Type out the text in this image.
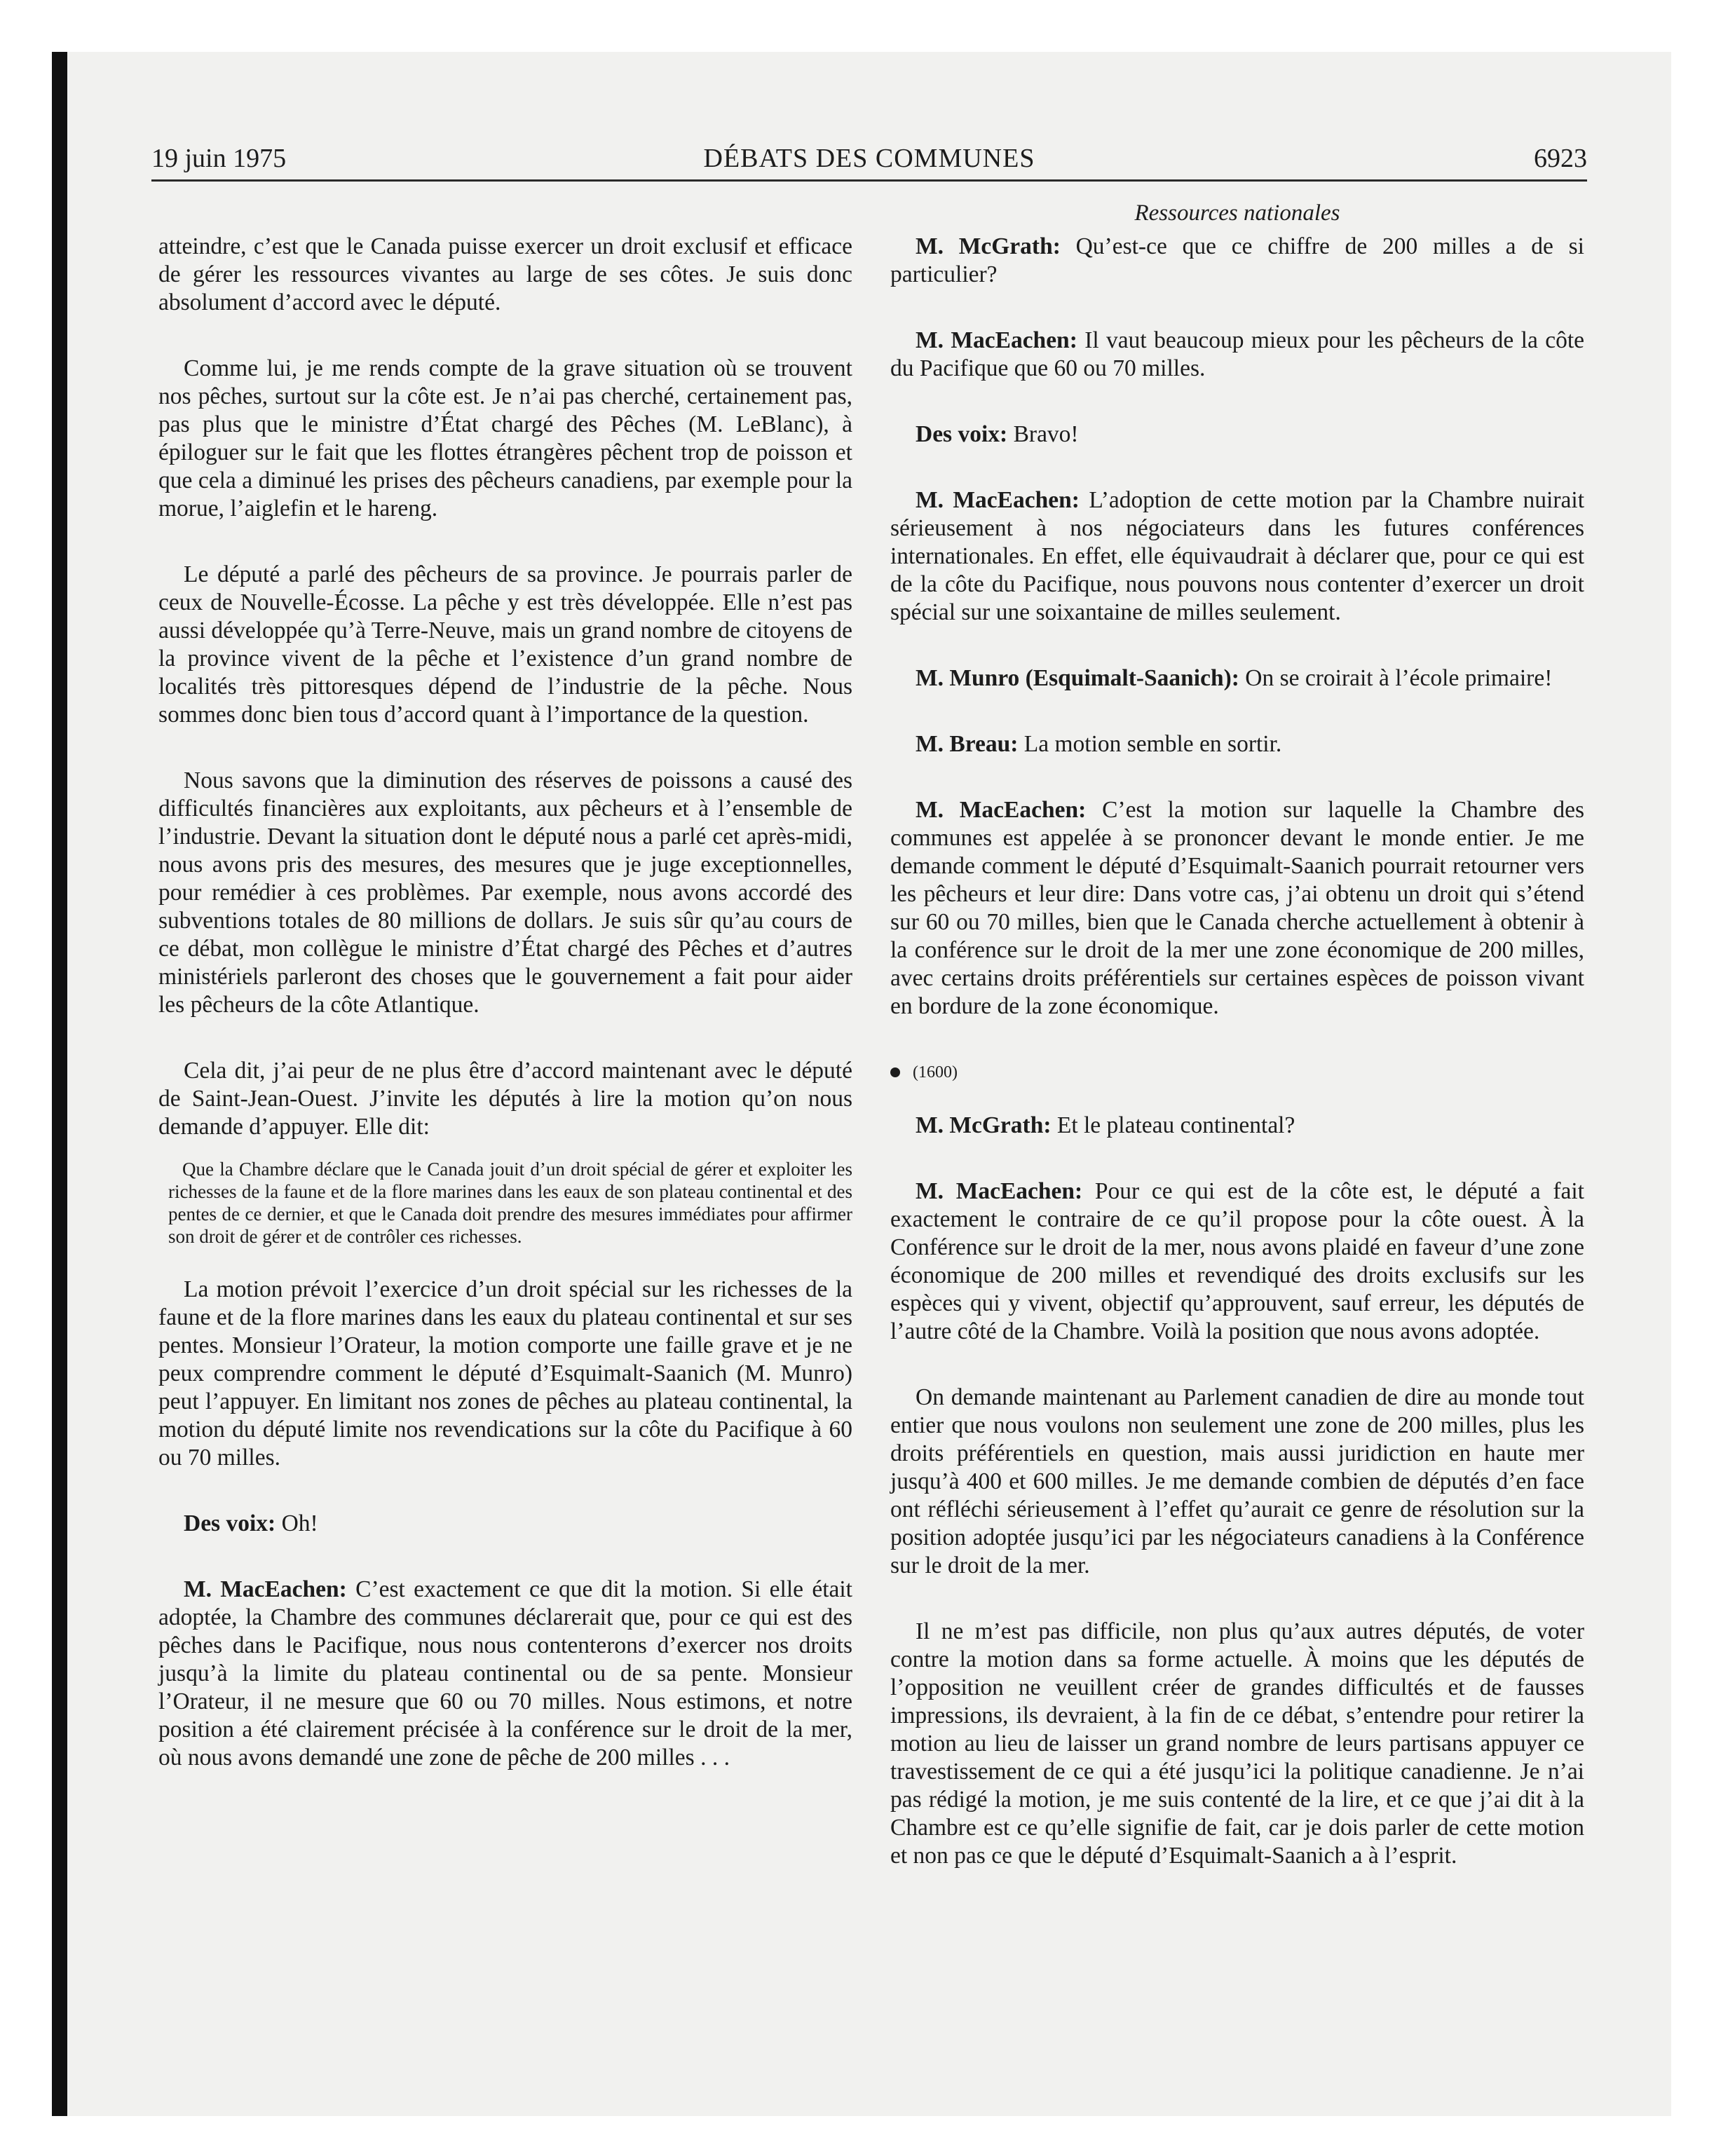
19 juin 1975	DÉBATS DES COMMUNES	6923
Ressources nationales

atteindre, c’est que le Canada puisse exercer un droit exclusif et efficace de gérer les ressources vivantes au large de ses côtes. Je suis donc absolument d’accord avec le député.

Comme lui, je me rends compte de la grave situation où se trouvent nos pêches, surtout sur la côte est. Je n’ai pas cherché, certainement pas, pas plus que le ministre d’État chargé des Pêches (M. LeBlanc), à épiloguer sur le fait que les flottes étrangères pêchent trop de poisson et que cela a diminué les prises des pêcheurs canadiens, par exemple pour la morue, l’aiglefin et le hareng.

Le député a parlé des pêcheurs de sa province. Je pourrais parler de ceux de Nouvelle-Écosse. La pêche y est très développée. Elle n’est pas aussi développée qu’à Terre-Neuve, mais un grand nombre de citoyens de la province vivent de la pêche et l’existence d’un grand nombre de localités très pittoresques dépend de l’industrie de la pêche. Nous sommes donc bien tous d’accord quant à l’importance de la question.

Nous savons que la diminution des réserves de poissons a causé des difficultés financières aux exploitants, aux pêcheurs et à l’ensemble de l’industrie. Devant la situation dont le député nous a parlé cet après-midi, nous avons pris des mesures, des mesures que je juge exceptionnelles, pour remédier à ces problèmes. Par exemple, nous avons accordé des subventions totales de 80 millions de dollars. Je suis sûr qu’au cours de ce débat, mon collègue le ministre d’État chargé des Pêches et d’autres ministériels parleront des choses que le gouvernement a fait pour aider les pêcheurs de la côte Atlantique.

Cela dit, j’ai peur de ne plus être d’accord maintenant avec le député de Saint-Jean-Ouest. J’invite les députés à lire la motion qu’on nous demande d’appuyer. Elle dit:

Que la Chambre déclare que le Canada jouit d’un droit spécial de gérer et exploiter les richesses de la faune et de la flore marines dans les eaux de son plateau continental et des pentes de ce dernier, et que le Canada doit prendre des mesures immédiates pour affirmer son droit de gérer et de contrôler ces richesses.

La motion prévoit l’exercice d’un droit spécial sur les richesses de la faune et de la flore marines dans les eaux du plateau continental et sur ses pentes. Monsieur l’Orateur, la motion comporte une faille grave et je ne peux comprendre comment le député d’Esquimalt-Saanich (M. Munro) peut l’appuyer. En limitant nos zones de pêches au plateau continental, la motion du député limite nos revendications sur la côte du Pacifique à 60 ou 70 milles.

Des voix: Oh!

M. MacEachen: C’est exactement ce que dit la motion. Si elle était adoptée, la Chambre des communes déclarerait que, pour ce qui est des pêches dans le Pacifique, nous nous contenterons d’exercer nos droits jusqu’à la limite du plateau continental ou de sa pente. Monsieur l’Orateur, il ne mesure que 60 ou 70 milles. Nous estimons, et notre position a été clairement précisée à la conférence sur le droit de la mer, où nous avons demandé une zone de pêche de 200 milles . . .

M. McGrath: Qu’est-ce que ce chiffre de 200 milles a de si particulier?

M. MacEachen: Il vaut beaucoup mieux pour les pêcheurs de la côte du Pacifique que 60 ou 70 milles.

Des voix: Bravo!

M. MacEachen: L’adoption de cette motion par la Chambre nuirait sérieusement à nos négociateurs dans les futures conférences internationales. En effet, elle équivaudrait à déclarer que, pour ce qui est de la côte du Pacifique, nous pouvons nous contenter d’exercer un droit spécial sur une soixantaine de milles seulement.

M. Munro (Esquimalt-Saanich): On se croirait à l’école primaire!

M. Breau: La motion semble en sortir.

M. MacEachen: C’est la motion sur laquelle la Chambre des communes est appelée à se prononcer devant le monde entier. Je me demande comment le député d’Esquimalt-Saanich pourrait retourner vers les pêcheurs et leur dire: Dans votre cas, j’ai obtenu un droit qui s’étend sur 60 ou 70 milles, bien que le Canada cherche actuellement à obtenir à la conférence sur le droit de la mer une zone économique de 200 milles, avec certains droits préférentiels sur certaines espèces de poisson vivant en bordure de la zone économique.

(1600)

M. McGrath: Et le plateau continental?

M. MacEachen: Pour ce qui est de la côte est, le député a fait exactement le contraire de ce qu’il propose pour la côte ouest. À la Conférence sur le droit de la mer, nous avons plaidé en faveur d’une zone économique de 200 milles et revendiqué des droits exclusifs sur les espèces qui y vivent, objectif qu’approuvent, sauf erreur, les députés de l’autre côté de la Chambre. Voilà la position que nous avons adoptée.

On demande maintenant au Parlement canadien de dire au monde tout entier que nous voulons non seulement une zone de 200 milles, plus les droits préférentiels en question, mais aussi juridiction en haute mer jusqu’à 400 et 600 milles. Je me demande combien de députés d’en face ont réfléchi sérieusement à l’effet qu’aurait ce genre de résolution sur la position adoptée jusqu’ici par les négociateurs canadiens à la Conférence sur le droit de la mer.

Il ne m’est pas difficile, non plus qu’aux autres députés, de voter contre la motion dans sa forme actuelle. À moins que les députés de l’opposition ne veuillent créer de grandes difficultés et de fausses impressions, ils devraient, à la fin de ce débat, s’entendre pour retirer la motion au lieu de laisser un grand nombre de leurs partisans appuyer ce travestissement de ce qui a été jusqu’ici la politique canadienne. Je n’ai pas rédigé la motion, je me suis contenté de la lire, et ce que j’ai dit à la Chambre est ce qu’elle signifie de fait, car je dois parler de cette motion et non pas ce que le député d’Esquimalt-Saanich a à l’esprit.
